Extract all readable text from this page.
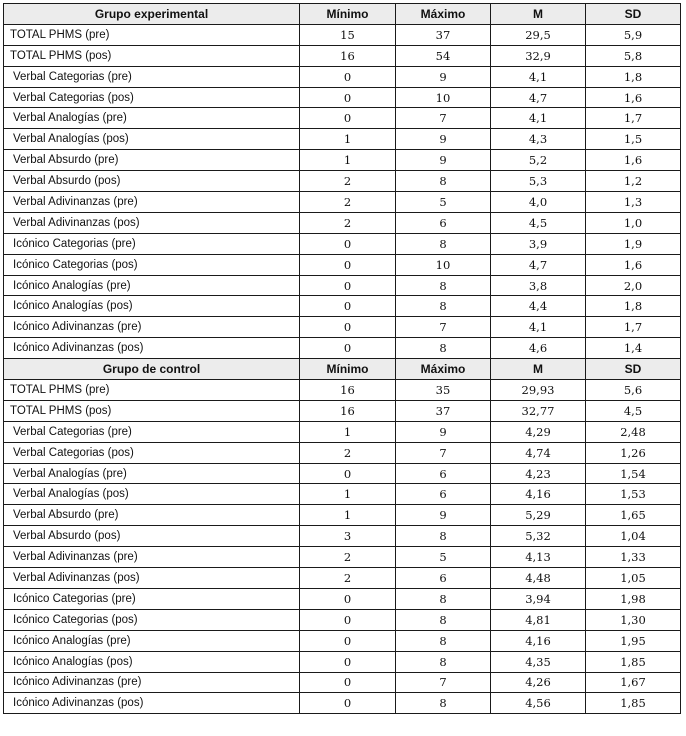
Grupo experimental	Mínimo	Máximo	M	SD
TOTAL PHMS (pre)	15	37	29,5	5,9
TOTAL PHMS (pos)	16	54	32,9	5,8
Verbal Categorias (pre)	0	9	4,1	1,8
Verbal Categorias (pos)	0	10	4,7	1,6
Verbal Analogías (pre)	0	7	4,1	1,7
Verbal Analogías (pos)	1	9	4,3	1,5
Verbal Absurdo (pre)	1	9	5,2	1,6
Verbal Absurdo (pos)	2	8	5,3	1,2
Verbal Adivinanzas (pre)	2	5	4,0	1,3
Verbal Adivinanzas (pos)	2	6	4,5	1,0
Icónico Categorias (pre)	0	8	3,9	1,9
Icónico Categorias (pos)	0	10	4,7	1,6
Icónico Analogías (pre)	0	8	3,8	2,0
Icónico Analogías (pos)	0	8	4,4	1,8
Icónico Adivinanzas (pre)	0	7	4,1	1,7
Icónico Adivinanzas (pos)	0	8	4,6	1,4
Grupo de control	Mínimo	Máximo	M	SD
TOTAL PHMS (pre)	16	35	29,93	5,6
TOTAL PHMS (pos)	16	37	32,77	4,5
Verbal Categorias (pre)	1	9	4,29	2,48
Verbal Categorias (pos)	2	7	4,74	1,26
Verbal Analogías (pre)	0	6	4,23	1,54
Verbal Analogías (pos)	1	6	4,16	1,53
Verbal Absurdo (pre)	1	9	5,29	1,65
Verbal Absurdo (pos)	3	8	5,32	1,04
Verbal Adivinanzas (pre)	2	5	4,13	1,33
Verbal Adivinanzas (pos)	2	6	4,48	1,05
Icónico Categorias (pre)	0	8	3,94	1,98
Icónico Categorias (pos)	0	8	4,81	1,30
Icónico Analogías (pre)	0	8	4,16	1,95
Icónico Analogías (pos)	0	8	4,35	1,85
Icónico Adivinanzas (pre)	0	7	4,26	1,67
Icónico Adivinanzas (pos)	0	8	4,56	1,85
